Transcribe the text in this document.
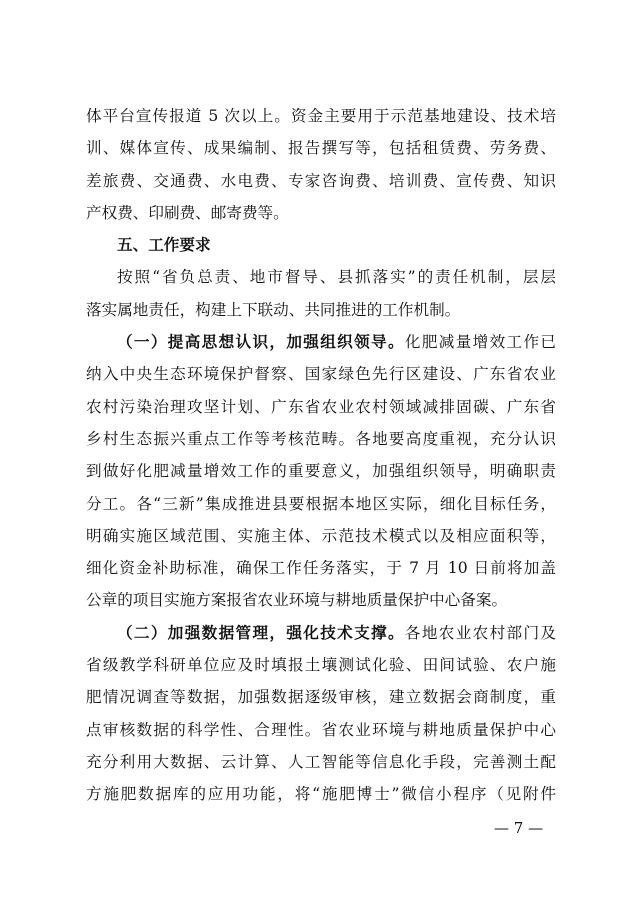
体平台宣传报道 5 次以上。资金主要用于示范基地建设、技术培
训、媒体宣传、成果编制、报告撰写等，包括租赁费、劳务费、
差旅费、交通费、水电费、专家咨询费、培训费、宣传费、知识
产权费、印刷费、邮寄费等。
五、工作要求
按照“省负总责、地市督导、县抓落实”的责任机制，层层
落实属地责任，构建上下联动、共同推进的工作机制。
（一）提高思想认识，加强组织领导。化肥减量增效工作已
纳入中央生态环境保护督察、国家绿色先行区建设、广东省农业
农村污染治理攻坚计划、广东省农业农村领域减排固碳、广东省
乡村生态振兴重点工作等考核范畴。各地要高度重视，充分认识
到做好化肥减量增效工作的重要意义，加强组织领导，明确职责
分工。各“三新”集成推进县要根据本地区实际，细化目标任务，
明确实施区域范围、实施主体、示范技术模式以及相应面积等，
细化资金补助标准，确保工作任务落实，于 7 月 10 日前将加盖
公章的项目实施方案报省农业环境与耕地质量保护中心备案。
（二）加强数据管理，强化技术支撑。各地农业农村部门及
省级教学科研单位应及时填报土壤测试化验、田间试验、农户施
肥情况调查等数据，加强数据逐级审核，建立数据会商制度，重
点审核数据的科学性、合理性。省农业环境与耕地质量保护中心
充分利用大数据、云计算、人工智能等信息化手段，完善测土配
方施肥数据库的应用功能，将“施肥博士”微信小程序（见附件
— 7 —
